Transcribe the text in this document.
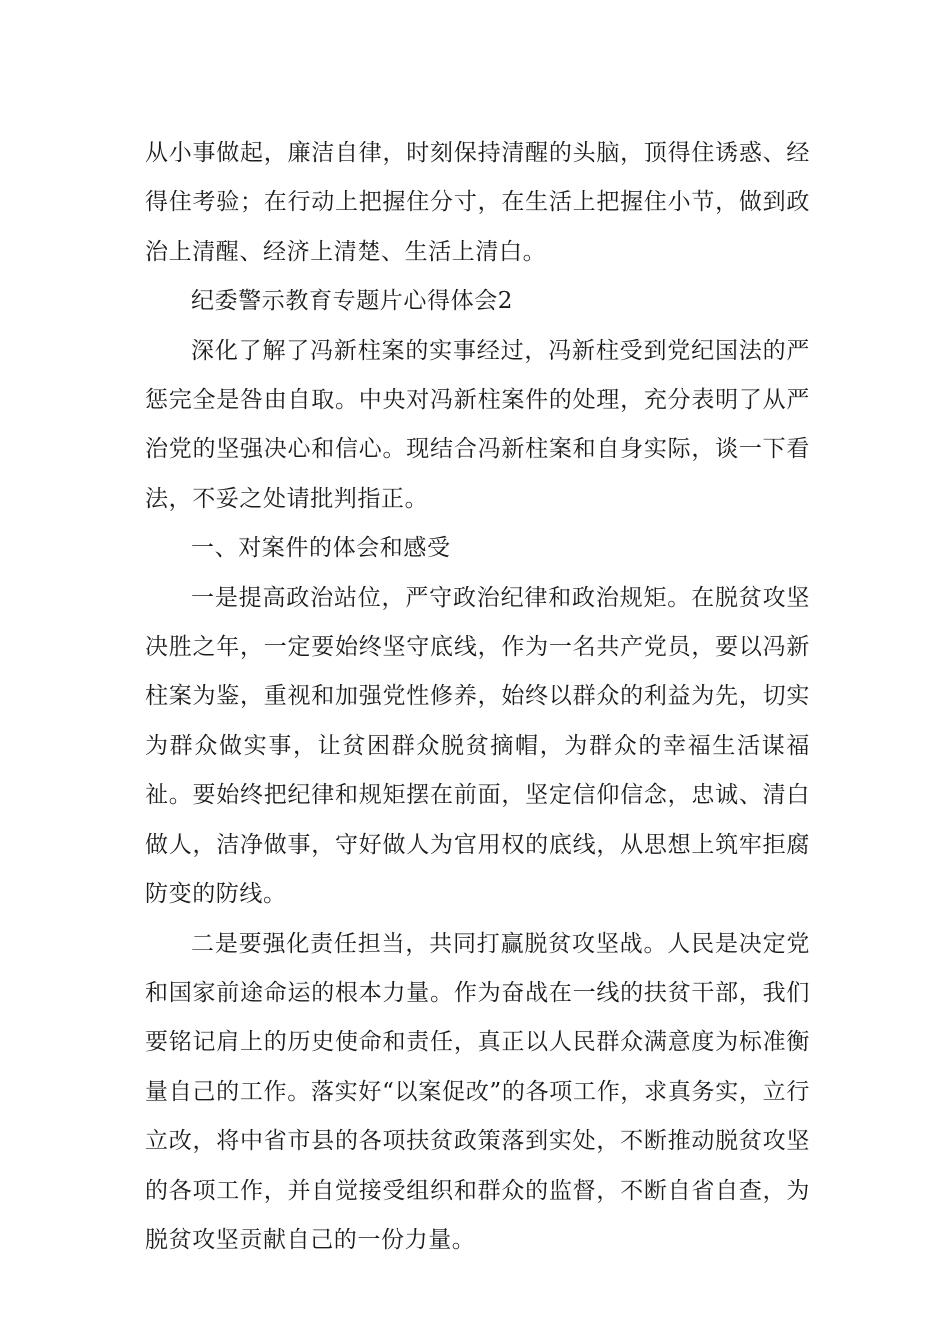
从小事做起，廉洁自律，时刻保持清醒的头脑，顶得住诱惑、经得住考验；在行动上把握住分寸，在生活上把握住小节，做到政治上清醒、经济上清楚、生活上清白。

纪委警示教育专题片心得体会2

深化了解了冯新柱案的实事经过，冯新柱受到党纪国法的严惩完全是咎由自取。中央对冯新柱案件的处理，充分表明了从严治党的坚强决心和信心。现结合冯新柱案和自身实际，谈一下看法，不妥之处请批判指正。

一、对案件的体会和感受

一是提高政治站位，严守政治纪律和政治规矩。在脱贫攻坚决胜之年，一定要始终坚守底线，作为一名共产党员，要以冯新柱案为鉴，重视和加强党性修养，始终以群众的利益为先，切实为群众做实事，让贫困群众脱贫摘帽，为群众的幸福生活谋福祉。要始终把纪律和规矩摆在前面，坚定信仰信念，忠诚、清白做人，洁净做事，守好做人为官用权的底线，从思想上筑牢拒腐防变的防线。

二是要强化责任担当，共同打赢脱贫攻坚战。人民是决定党和国家前途命运的根本力量。作为奋战在一线的扶贫干部，我们要铭记肩上的历史使命和责任，真正以人民群众满意度为标准衡量自己的工作。落实好“以案促改”的各项工作，求真务实，立行立改，将中省市县的各项扶贫政策落到实处，不断推动脱贫攻坚的各项工作，并自觉接受组织和群众的监督，不断自省自查，为脱贫攻坚贡献自己的一份力量。
